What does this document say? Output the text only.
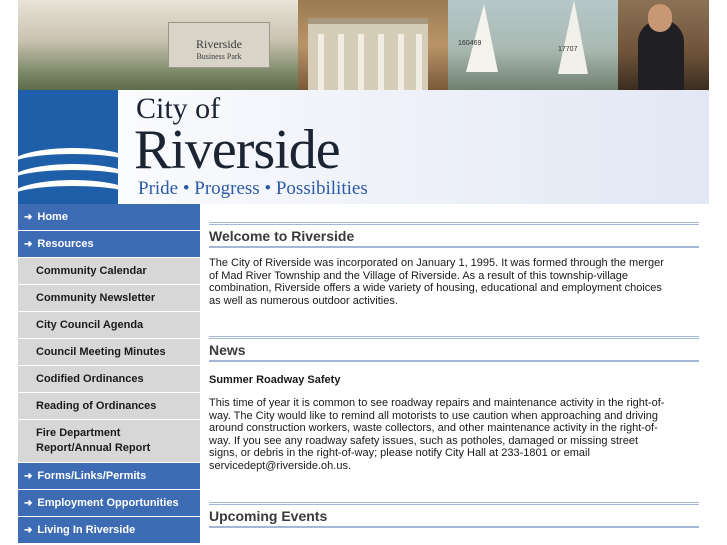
Riverside
Business Park
160469
17707
City of
Riverside
Pride • Progress • Possibilities
➜ Home
➜ Resources
Community Calendar
Community Newsletter
City Council Agenda
Council Meeting Minutes
Codified Ordinances
Reading of Ordinances
Fire Department Report/Annual Report
➜ Forms/Links/Permits
➜ Employment Opportunities
➜ Living In Riverside
Welcome to Riverside
The City of Riverside was incorporated on January 1, 1995. It was formed through the merger of Mad River Township and the Village of Riverside. As a result of this township-village combination, Riverside offers a wide variety of housing, educational and employment choices as well as numerous outdoor activities.
News
Summer Roadway Safety
This time of year it is common to see roadway repairs and maintenance activity in the right-of-way. The City would like to remind all motorists to use caution when approaching and driving around construction workers, waste collectors, and other maintenance activity in the right-of-way. If you see any roadway safety issues, such as potholes, damaged or missing street signs, or debris in the right-of-way; please notify City Hall at 233-1801 or email servicedept@riverside.oh.us.
Upcoming Events
